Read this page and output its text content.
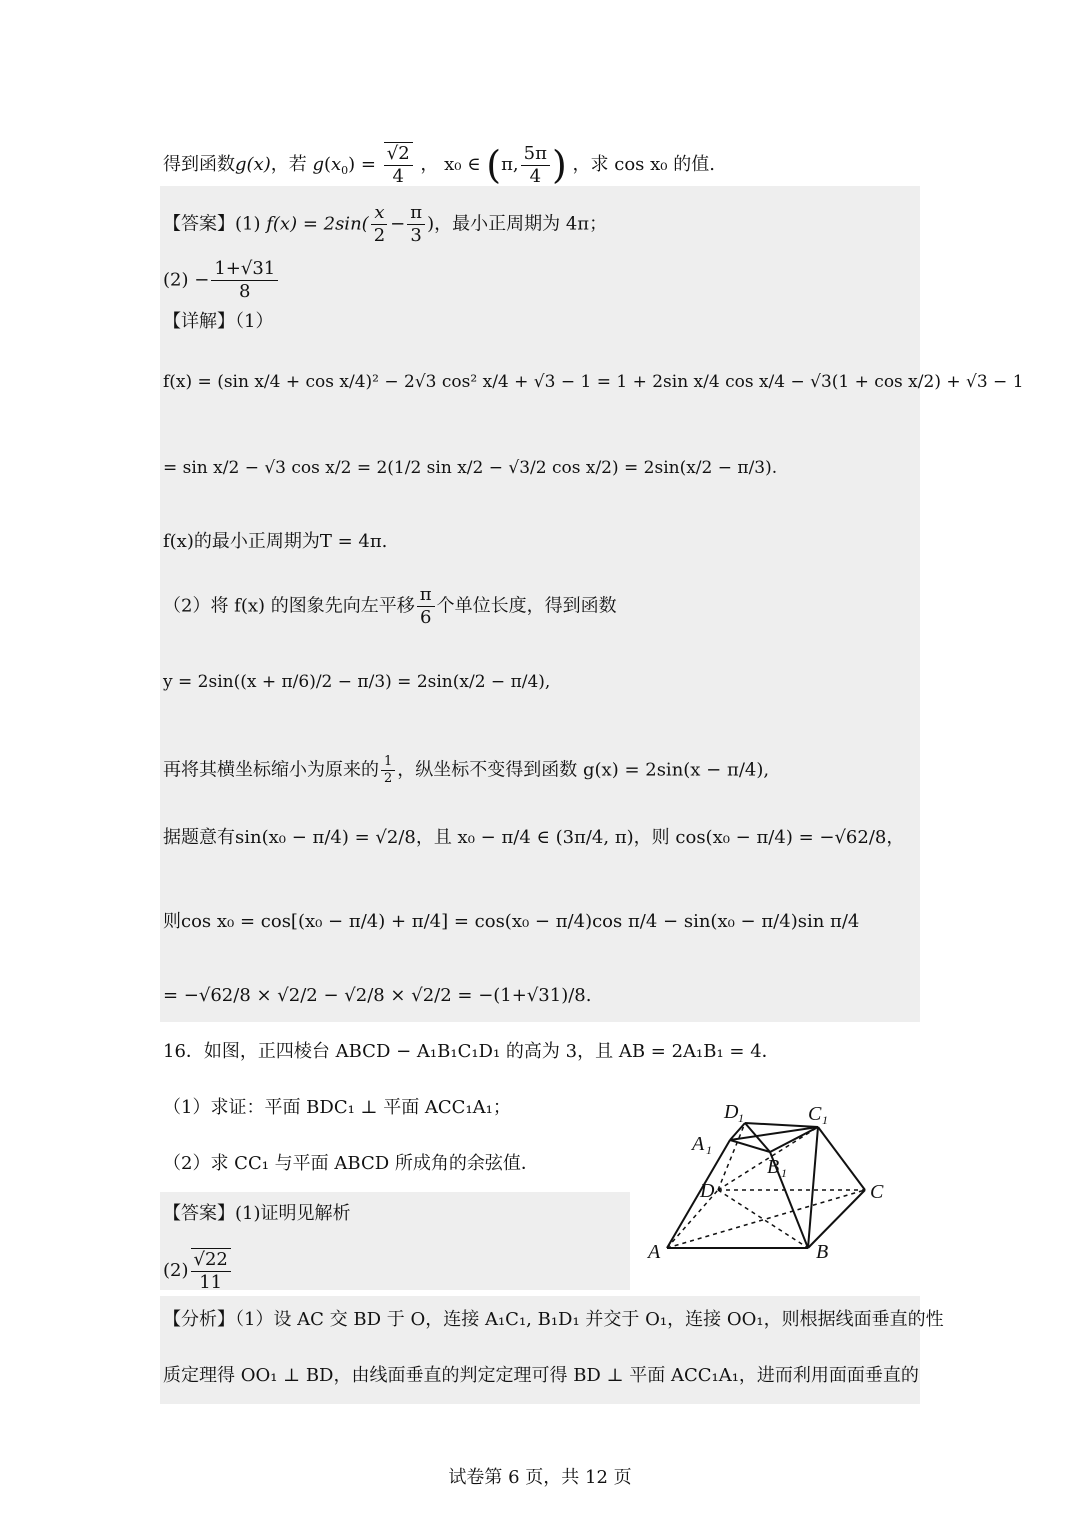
得到函数g(x)，若 $g(x_0) = \frac{√2}{4}$ ， x₀ ∈ (π, $\frac{5\pi}{4}$ ) ，求 cos x₀ 的值.
【答案】(1) $f(x) = 2\sin( \frac{x}{2} - \frac{\pi}{3}$ )，最小正周期为 4π；
$(2) - \frac{1+√31}{8}$
【详解】（1）
f(x) = (sin x/4 + cos x/4)² − 2√3 cos² x/4 + √3 − 1 = 1 + 2sin x/4 cos x/4 − √3(1 + cos x/2) + √3 − 1
= sin x/2 − √3 cos x/2 = 2(1/2 sin x/2 − √3/2 cos x/2) = 2sin(x/2 − π/3).
f(x)的最小正周期为T = 4π.
（2）将 f(x) 的图象先向左平移 $\frac{\pi}{6}$ 个单位长度，得到函数
y = 2sin((x + π/6)/2 − π/3) = 2sin(x/2 − π/4),
再将其横坐标缩小为原来的 $\frac{1}{2}$ ，纵坐标不变得到函数 g(x) = 2sin(x − π/4),
据题意有sin(x₀ − π/4) = √2/8，且 x₀ − π/4 ∈ (3π/4, π)，则 cos(x₀ − π/4) = −√62/8，
则cos x₀ = cos[(x₀ − π/4) + π/4] = cos(x₀ − π/4)cos π/4 − sin(x₀ − π/4)sin π/4
= −√62/8 × √2/2 − √2/8 × √2/2 = −(1+√31)/8.
16．如图，正四棱台 ABCD − A₁B₁C₁D₁ 的高为 3，且 AB = 2A₁B₁ = 4．
（1）求证：平面 BDC₁ ⊥ 平面 ACC₁A₁；
（2）求 CC₁ 与平面 ABCD 所成角的余弦值．
【答案】(1)证明见解析
$(2) \frac{√22}{11}$
【分析】（1）设 AC 交 BD 于 O，连接 A₁C₁, B₁D₁ 并交于 O₁，连接 OO₁，则根据线面垂直的性
质定理得 OO₁ ⊥ BD，由线面垂直的判定定理可得 BD ⊥ 平面 ACC₁A₁，进而利用面面垂直的
A	B
C
D
A
B
C
D
1
1
1
1
试卷第 6 页，共 12 页
